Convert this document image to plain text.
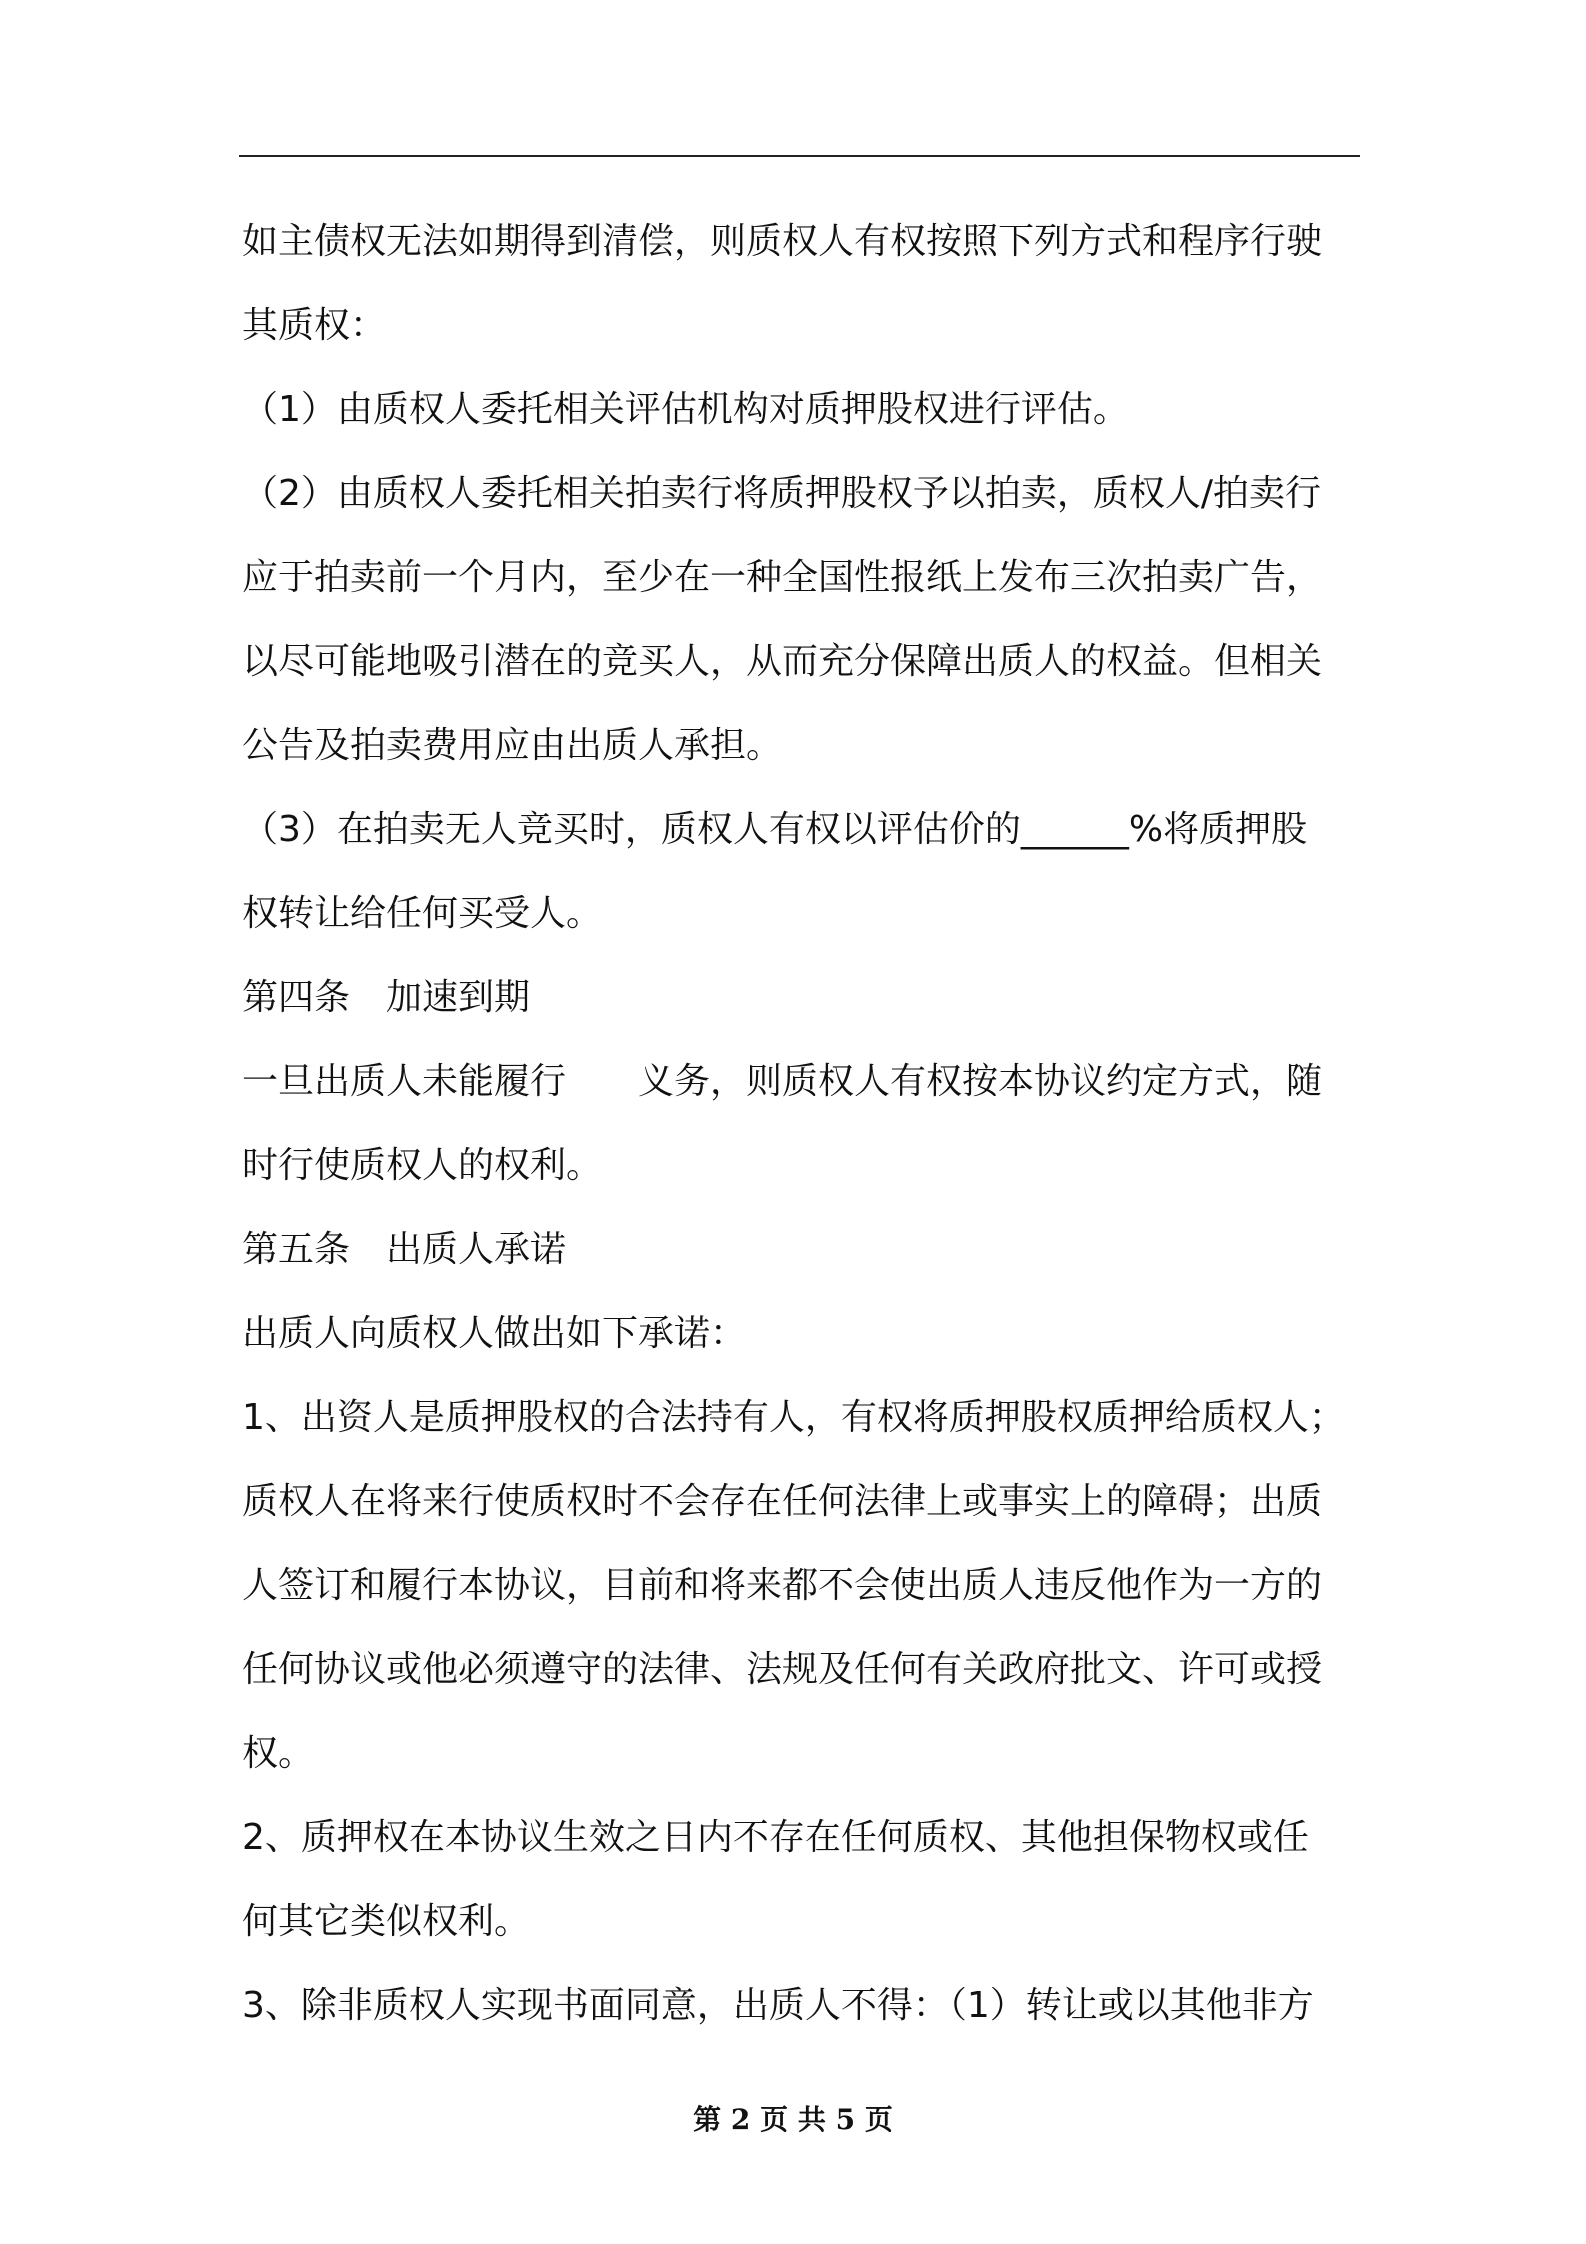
如主债权无法如期得到清偿，则质权人有权按照下列方式和程序行驶
其质权：
（1）由质权人委托相关评估机构对质押股权进行评估。
（2）由质权人委托相关拍卖行将质押股权予以拍卖，质权人/拍卖行
应于拍卖前一个月内，至少在一种全国性报纸上发布三次拍卖广告，
以尽可能地吸引潜在的竞买人，从而充分保障出质人的权益。但相关
公告及拍卖费用应由出质人承担。
（3）在拍卖无人竞买时，质权人有权以评估价的______%将质押股
权转让给任何买受人。
第四条　加速到期
一旦出质人未能履行　　义务，则质权人有权按本协议约定方式，随
时行使质权人的权利。
第五条　出质人承诺
出质人向质权人做出如下承诺：
1、出资人是质押股权的合法持有人，有权将质押股权质押给质权人；
质权人在将来行使质权时不会存在任何法律上或事实上的障碍；出质
人签订和履行本协议，目前和将来都不会使出质人违反他作为一方的
任何协议或他必须遵守的法律、法规及任何有关政府批文、许可或授
权。
2、质押权在本协议生效之日内不存在任何质权、其他担保物权或任
何其它类似权利。
3、除非质权人实现书面同意，出质人不得：（1）转让或以其他非方
第 2 页 共 5 页
